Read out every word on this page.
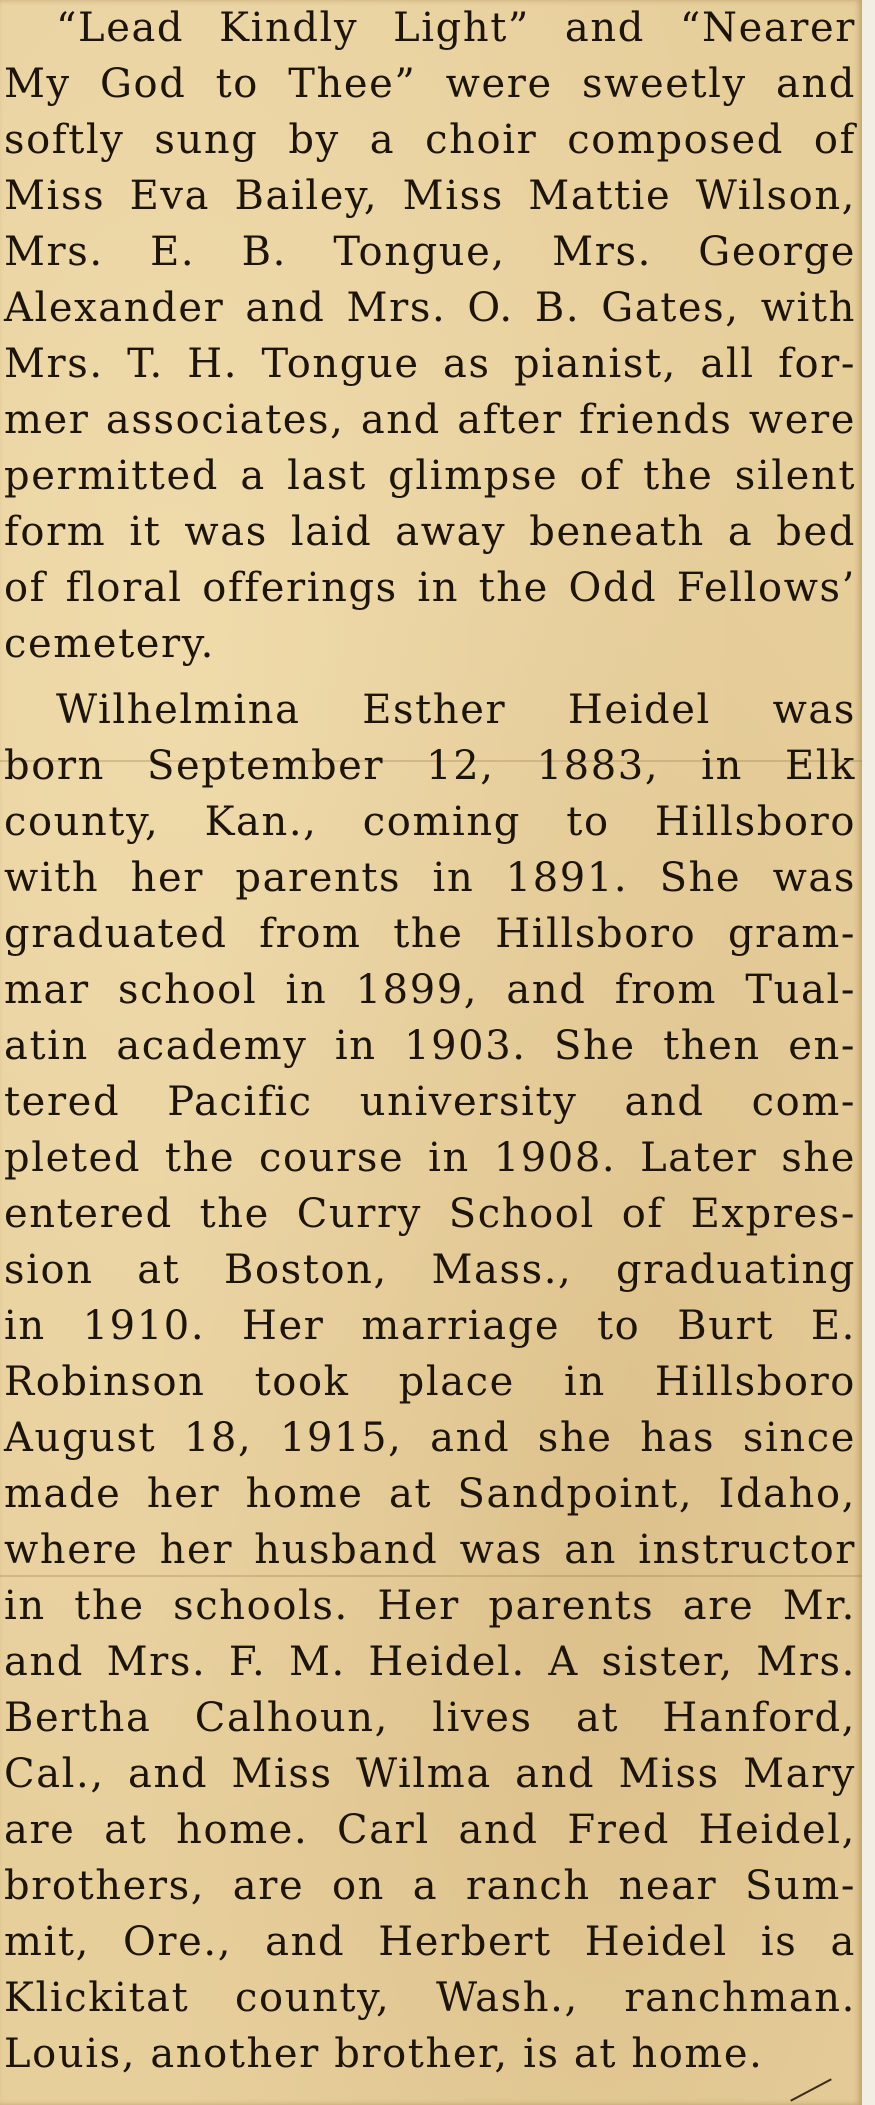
“Lead Kindly Light” and “Nearer
My God to Thee” were sweetly and
softly sung by a choir composed of
Miss Eva Bailey, Miss Mattie Wilson,
Mrs. E. B. Tongue, Mrs. George
Alexander and Mrs. O. B. Gates, with
Mrs. T. H. Tongue as pianist, all for-
mer associates, and after friends were
permitted a last glimpse of the silent
form it was laid away beneath a bed
of floral offerings in the Odd Fellows’
cemetery.
Wilhelmina Esther Heidel was
born September 12, 1883, in Elk
county, Kan., coming to Hillsboro
with her parents in 1891. She was
graduated from the Hillsboro gram-
mar school in 1899, and from Tual-
atin academy in 1903. She then en-
tered Pacific university and com-
pleted the course in 1908. Later she
entered the Curry School of Expres-
sion at Boston, Mass., graduating
in 1910. Her marriage to Burt E.
Robinson took place in Hillsboro
August 18, 1915, and she has since
made her home at Sandpoint, Idaho,
where her husband was an instructor
in the schools. Her parents are Mr.
and Mrs. F. M. Heidel. A sister, Mrs.
Bertha Calhoun, lives at Hanford,
Cal., and Miss Wilma and Miss Mary
are at home. Carl and Fred Heidel,
brothers, are on a ranch near Sum-
mit, Ore., and Herbert Heidel is a
Klickitat county, Wash., ranchman.
Louis, another brother, is at home.
